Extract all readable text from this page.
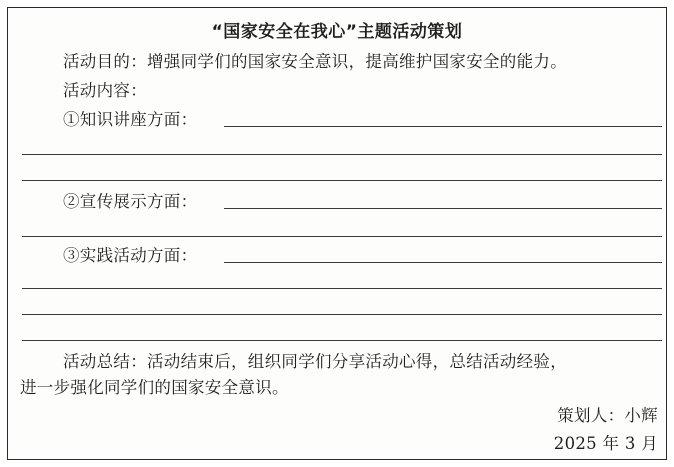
“国家安全在我心”主题活动策划
活动目的：增强同学们的国家安全意识，提高维护国家安全的能力。
活动内容：
①知识讲座方面：
②宣传展示方面：
③实践活动方面：
活动总结：活动结束后，组织同学们分享活动心得，总结活动经验，
进一步强化同学们的国家安全意识。
策划人：小辉
2025 年 3 月
